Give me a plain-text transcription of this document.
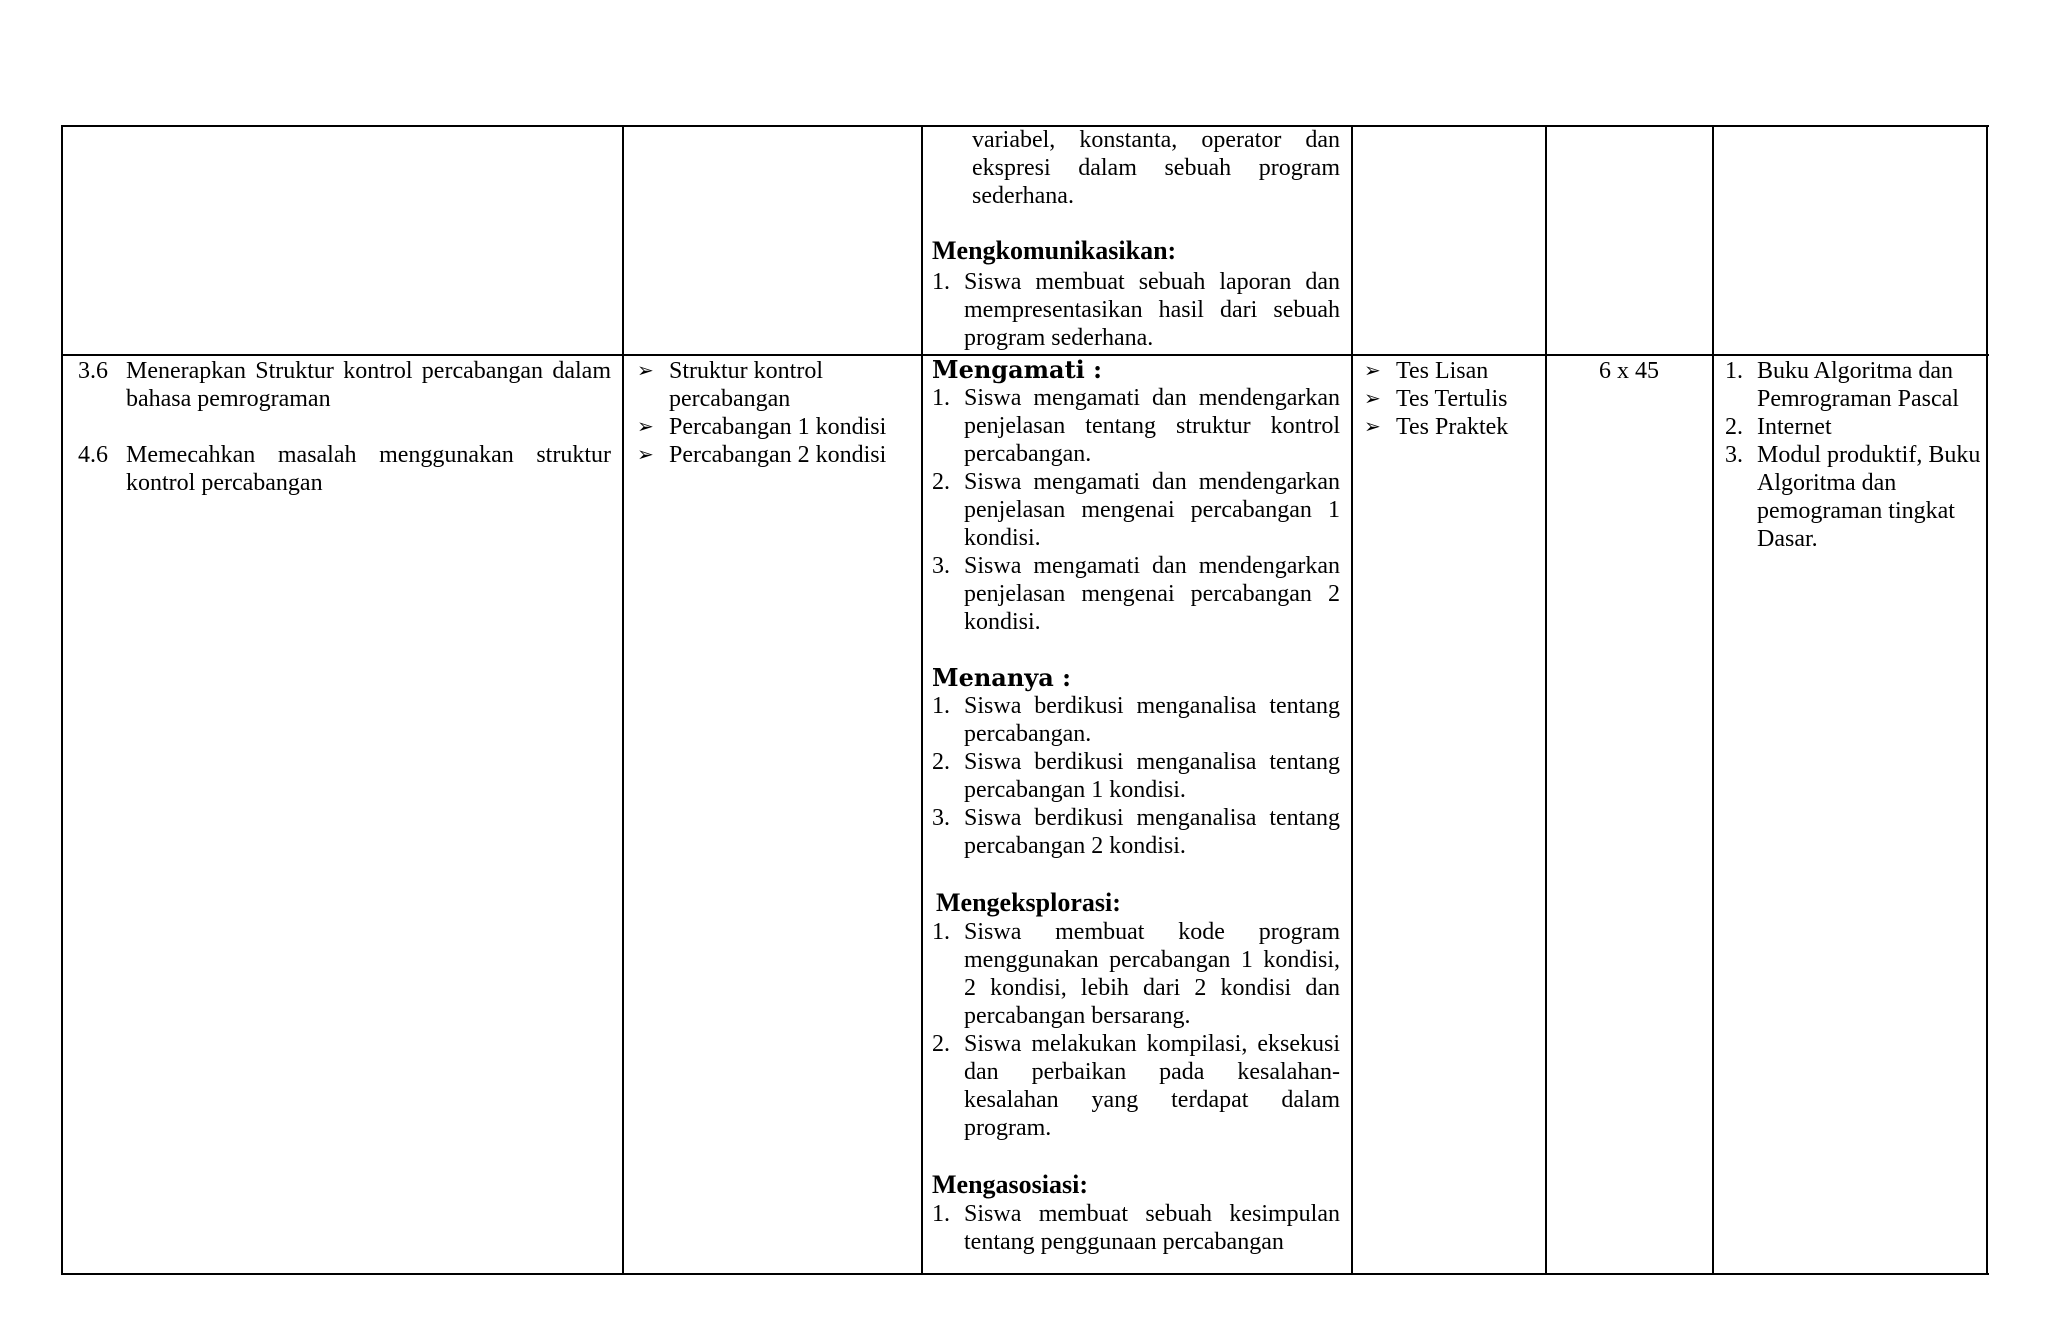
variabel, konstanta, operator dan ekspresi dalam sebuah program sederhana.
Mengkomunikasikan:
1. Siswa membuat sebuah laporan dan mempresentasikan hasil dari sebuah program sederhana.
3.6 Menerapkan Struktur kontrol percabangan dalam bahasa pemrograman
4.6 Memecahkan masalah menggunakan struktur kontrol percabangan
➢ Struktur kontrol percabangan
➢ Percabangan 1 kondisi
➢ Percabangan 2 kondisi
Mengamati :
1. Siswa mengamati dan mendengarkan penjelasan tentang struktur kontrol percabangan.
2. Siswa mengamati dan mendengarkan penjelasan mengenai percabangan 1 kondisi.
3. Siswa mengamati dan mendengarkan penjelasan mengenai percabangan 2 kondisi.
Menanya :
1. Siswa berdikusi menganalisa tentang percabangan.
2. Siswa berdikusi menganalisa tentang percabangan 1 kondisi.
3. Siswa berdikusi menganalisa tentang percabangan 2 kondisi.
Mengeksplorasi:
1. Siswa membuat kode program menggunakan percabangan 1 kondisi, 2 kondisi, lebih dari 2 kondisi dan percabangan bersarang.
2. Siswa melakukan kompilasi, eksekusi dan perbaikan pada kesalahan-kesalahan yang terdapat dalam program.
Mengasosiasi:
1. Siswa membuat sebuah kesimpulan tentang penggunaan percabangan
➢ Tes Lisan
➢ Tes Tertulis
➢ Tes Praktek
6 x 45	1. Buku Algoritma dan Pemrograman Pascal
2. Internet
3. Modul produktif, Buku Algoritma dan pemograman tingkat Dasar.
